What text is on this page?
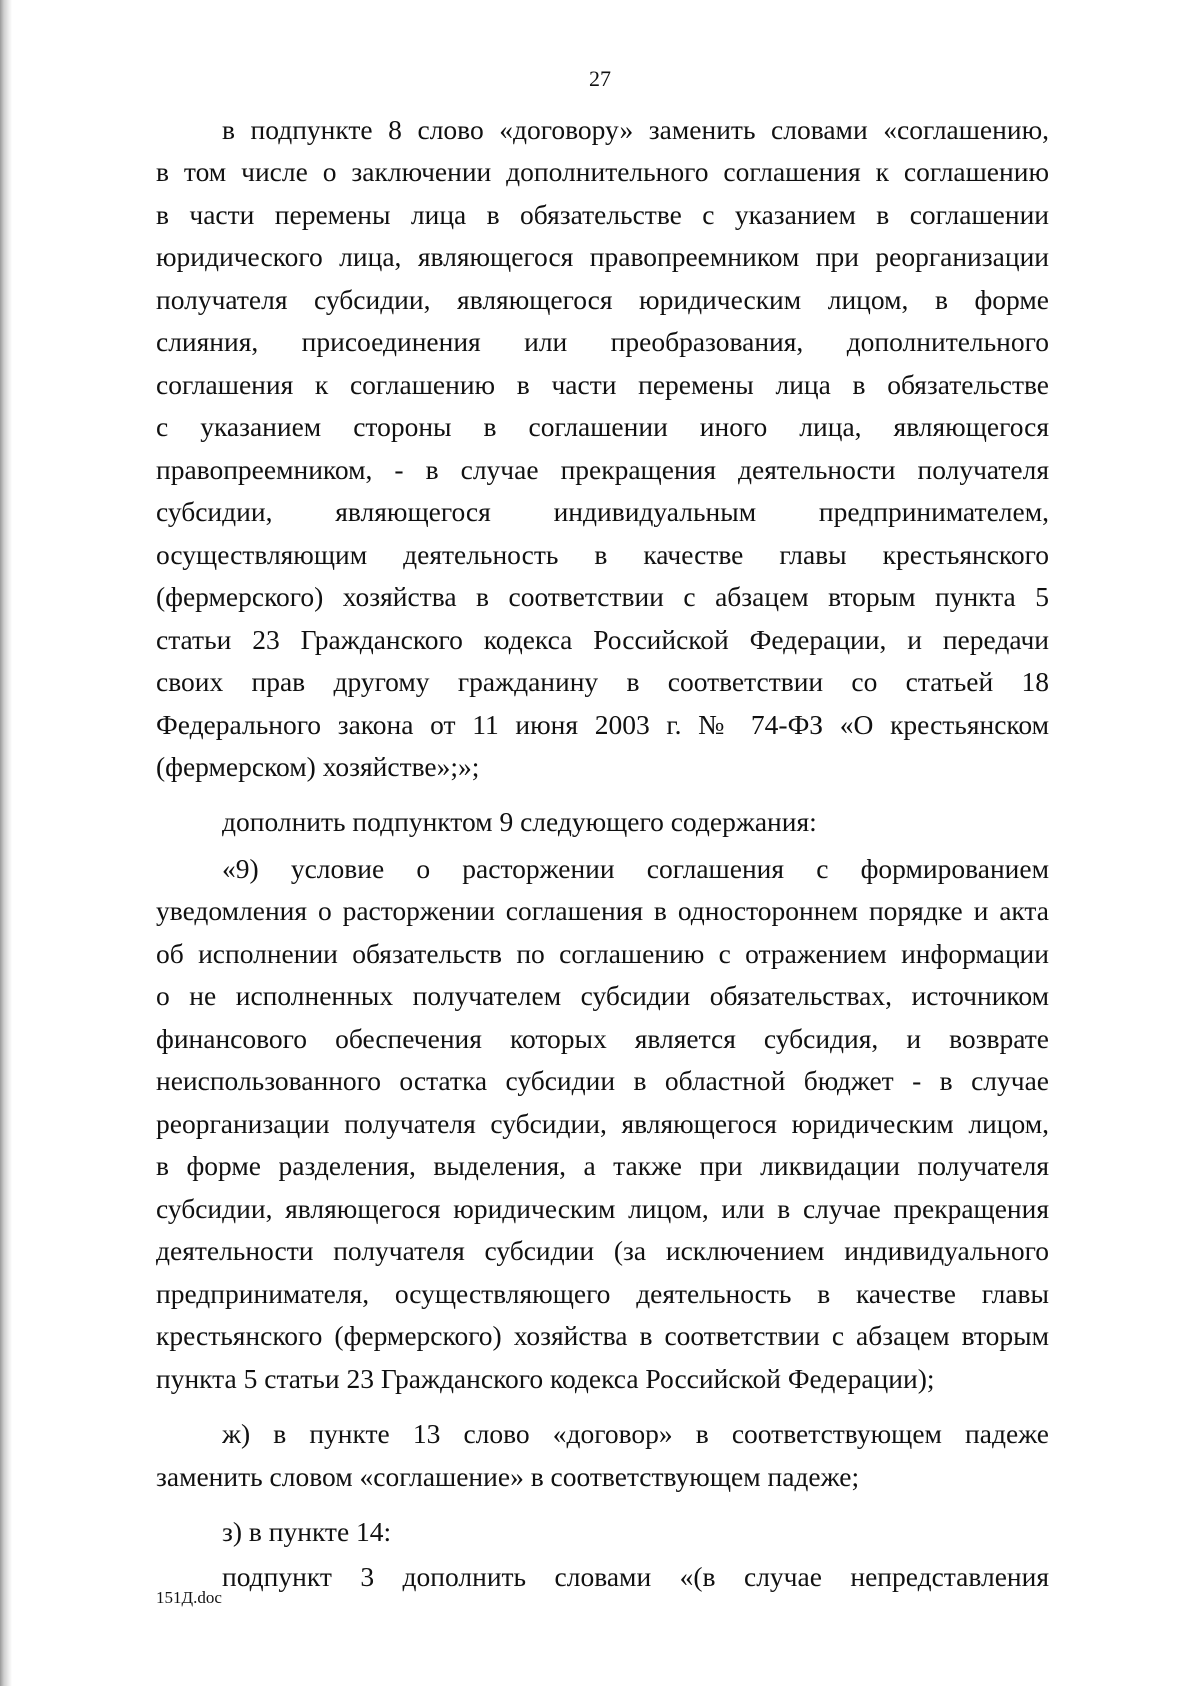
27
в подпункте 8 слово «договору» заменить словами «соглашению,
в том числе о заключении дополнительного соглашения к соглашению
в части перемены лица в обязательстве с указанием в соглашении
юридического лица, являющегося правопреемником при реорганизации
получателя субсидии, являющегося юридическим лицом, в форме
слияния, присоединения или преобразования, дополнительного
соглашения к соглашению в части перемены лица в обязательстве
с указанием стороны в соглашении иного лица, являющегося
правопреемником, - в случае прекращения деятельности получателя
субсидии, являющегося индивидуальным предпринимателем,
осуществляющим деятельность в качестве главы крестьянского
(фермерского) хозяйства в соответствии с абзацем вторым пункта 5
статьи 23 Гражданского кодекса Российской Федерации, и передачи
своих прав другому гражданину в соответствии со статьей 18
Федерального закона от 11 июня 2003 г. № 74-ФЗ «О крестьянском
(фермерском) хозяйстве»;»;
дополнить подпунктом 9 следующего содержания:
«9) условие о расторжении соглашения с формированием
уведомления о расторжении соглашения в одностороннем порядке и акта
об исполнении обязательств по соглашению с отражением информации
о не исполненных получателем субсидии обязательствах, источником
финансового обеспечения которых является субсидия, и возврате
неиспользованного остатка субсидии в областной бюджет - в случае
реорганизации получателя субсидии, являющегося юридическим лицом,
в форме разделения, выделения, а также при ликвидации получателя
субсидии, являющегося юридическим лицом, или в случае прекращения
деятельности получателя субсидии (за исключением индивидуального
предпринимателя, осуществляющего деятельность в качестве главы
крестьянского (фермерского) хозяйства в соответствии с абзацем вторым
пункта 5 статьи 23 Гражданского кодекса Российской Федерации);
ж) в пункте 13 слово «договор» в соответствующем падеже
заменить словом «соглашение» в соответствующем падеже;
з) в пункте 14:
подпункт 3 дополнить словами «(в случае непредставления
151Д.doc
